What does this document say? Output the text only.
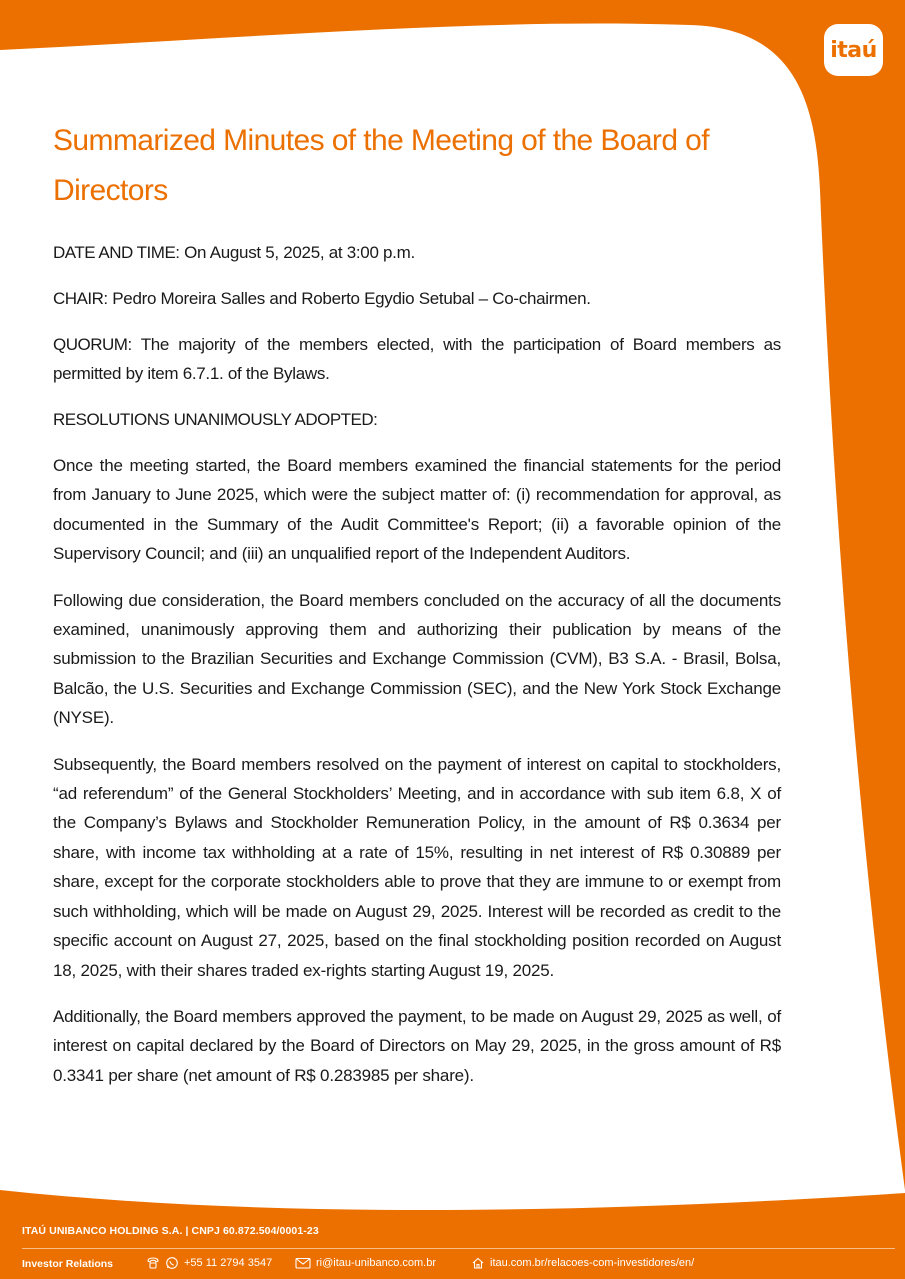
itaú
Summarized Minutes of the Meeting of the Board of Directors

DATE AND TIME: On August 5, 2025, at 3:00 p.m.

CHAIR: Pedro Moreira Salles and Roberto Egydio Setubal – Co-chairmen.

QUORUM: The majority of the members elected, with the participation of Board members as permitted by item 6.7.1. of the Bylaws.

RESOLUTIONS UNANIMOUSLY ADOPTED:

Once the meeting started, the Board members examined the financial statements for the period from January to June 2025, which were the subject matter of: (i) recommendation for approval, as documented in the Summary of the Audit Committee's Report; (ii) a favorable opinion of the Supervisory Council; and (iii) an unqualified report of the Independent Auditors.

Following due consideration, the Board members concluded on the accuracy of all the documents examined, unanimously approving them and authorizing their publication by means of the submission to the Brazilian Securities and Exchange Commission (CVM), B3 S.A. - Brasil, Bolsa, Balcão, the U.S. Securities and Exchange Commission (SEC), and the New York Stock Exchange (NYSE).

Subsequently, the Board members resolved on the payment of interest on capital to stockholders, “ad referendum” of the General Stockholders’ Meeting, and in accordance with sub item 6.8, X of the Company’s Bylaws and Stockholder Remuneration Policy, in the amount of R$ 0.3634 per share, with income tax withholding at a rate of 15%, resulting in net interest of R$ 0.30889 per share, except for the corporate stockholders able to prove that they are immune to or exempt from such withholding, which will be made on August 29, 2025. Interest will be recorded as credit to the specific account on August 27, 2025, based on the final stockholding position recorded on August 18, 2025, with their shares traded ex-rights starting August 19, 2025.

Additionally, the Board members approved the payment, to be made on August 29, 2025 as well, of interest on capital declared by the Board of Directors on May 29, 2025, in the gross amount of R$ 0.3341 per share (net amount of R$ 0.283985 per share).

ITAÚ UNIBANCO HOLDING S.A. | CNPJ 60.872.504/0001-23
Investor Relations	+55 11 2794 3547	ri@itau-unibanco.com.br	itau.com.br/relacoes-com-investidores/en/
